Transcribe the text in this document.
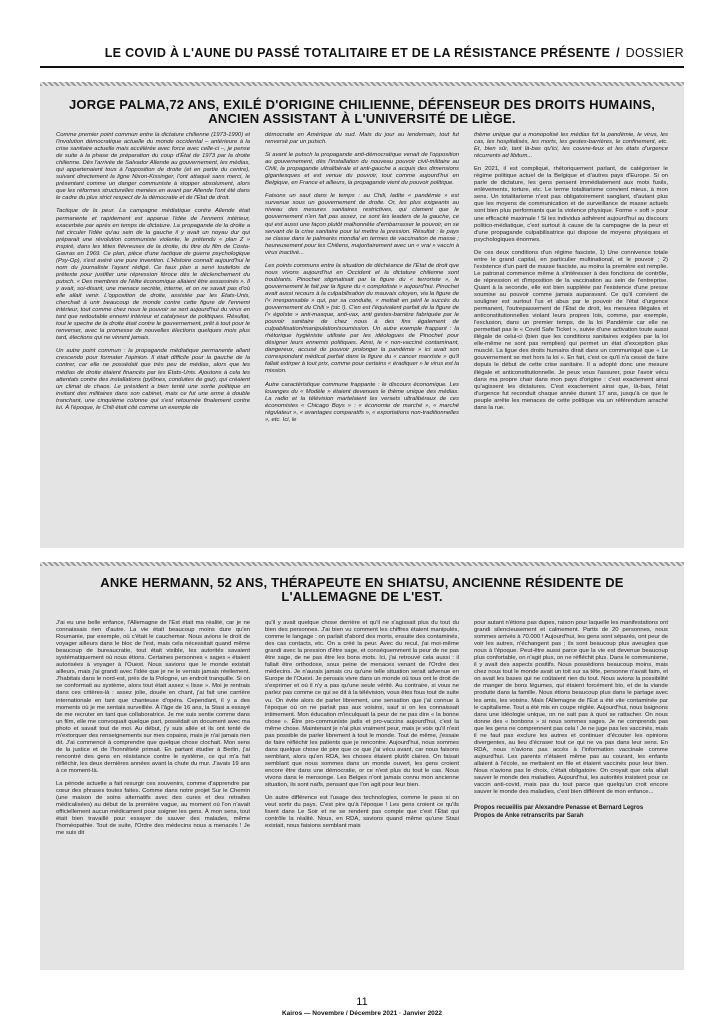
LE COVID À L'AUNE DU PASSÉ TOTALITAIRE ET DE LA RÉSISTANCE PRÉSENTE / DOSSIER
JORGE PALMA,72 ANS, EXILÉ D'ORIGINE CHILIENNE, DÉFENSEUR DES DROITS HUMAINS, ANCIEN ASSISTANT À L'UNIVERSITÉ DE LIÈGE.

Comme premier point commun entre la dictature chilienne (1973-1990) et l'involution démocratique actuelle du monde occidental – antérieure à la crise sanitaire actuelle mais accélérée avec force avec celle-ci –, je pense de suite à la phase de préparation du coup d'État de 1973 par la droite chilienne. Dès l'arrivée de Salvador Allende au gouvernement, les médias, qui appartenaient tous à l'opposition de droite (et en partie du centre), suivant directement la ligne Nixon-Kissinger, l'ont attaqué sans merci, le présentant comme un danger communiste à stopper absolument, alors que les réformes structurelles menées en avant par Allende l'ont été dans le cadre du plus strict respect de la démocratie et de l'État de droit.

Tactique de la peur. La campagne médiatique contre Allende était permanente et rapidement est apparue l'idée de l'ennemi intérieur, exacerbée par après en temps de dictature. La propagande de la droite a fait circuler l'idée qu'au sein de la gauche il y avait un noyau dur qui préparait une révolution communiste violente, le prétendu « plan Z » inspiré, dans les têtes fiévreuses de la droite, du titre du film de Costa-Gavras en 1969. Ce plan, pièce d'une tactique de guerre psychologique (Psy-Op), s'est avéré une pure invention. L'Histoire connaît aujourd'hui le nom du journaliste l'ayant rédigé. Ce faux plan a servi toutefois de prétexte pour justifier une répression féroce dès le déclenchement du putsch. « Des membres de l'élite économique allaient être assassinés ». Il y avait, soi-disant, une menace secrète, interne, et on ne savait pas d'où elle allait venir. L'opposition de droite, assistée par les États-Unis, cherchait à unir beaucoup de monde contre cette figure de l'ennemi intérieur, tout comme chez nous le pouvoir se sert aujourd'hui du virus en tant que redoutable ennemi intérieur et catalyseur de politiques. Résultat, tout le spectre de la droite était contre le gouvernement, prêt à tout pour le renverser, avec la promesse de nouvelles élections quelques mois plus tard, élections qui ne vinrent jamais.

Un autre point commun : la propagande médiatique permanente allant crescendo pour formater l'opinion. Il était difficile pour la gauche de la contrer, car elle ne possédait que très peu de médias, alors que les médias de droite étaient financés par les États-Unis. Ajoutons à cela les attentats contre des installations (pylônes, conduites de gaz), qui créaient un climat de chaos. Le président a bien tenté une sortie politique en invitant des militaires dans son cabinet, mais ce fut une arme à double tranchant, une cinquième colonne qui s'est retournée finalement contre lui. À l'époque, le Chili était cité comme un exemple de

démocratie en Amérique du sud. Mais du jour au lendemain, tout fut renversé par un putsch.

Si avant le putsch la propagande anti-démocratique venait de l'opposition au gouvernement, dès l'installation du nouveau pouvoir civil-militaire au Chili, la propagande ultralibérale et anti-gauche a acquis des dimensions gigantesques et est venue du pouvoir, tout comme aujourd'hui en Belgique, en France et ailleurs, la propagande vient du pouvoir politique.

Faisons un saut dans le temps : au Chili, ladite « pandémie » est survenue sous un gouvernement de droite. Or, les plus exigeants au niveau des mesures sanitaires restrictives, qui clament que le gouvernement n'en fait pas assez, ce sont les leaders de la gauche, ce qui est aussi une façon plutôt malhonnête d'embarrasser le pouvoir, en se servant de la crise sanitaire pour lui mettre la pression. Résultat : le pays se classe dans le palmarès mondial en termes de vaccination de masse ; heureusement pour les Chiliens, majoritairement avec un « vrai » vaccin à virus inactivé...

Les points communs entre la situation de déchéance de l'État de droit que nous vivons aujourd'hui en Occident et la dictature chilienne sont troublants. Pinochet stigmatisait par la figure du « terroriste », le gouvernement le fait par la figure du « complotiste » aujourd'hui. Pinochet avait aussi recours à la culpabilisation du mauvais citoyen, via la figure de l'« irresponsable » qui, par sa conduite, « mettait en péril le succès du gouvernement du Chili » (sic !). C'en est l'équivalent parfait de la figure de l'« égoïste » anti-masque, anti-vax, anti gestes-barrière fabriquée par le pouvoir sanitaire de chez nous à des fins également de culpabilisation/manipulation/soumission. Un autre exemple frappant : la rhétorique hygiéniste utilisée par les idéologues de Pinochet pour désigner leurs ennemis politiques. Ainsi, le « non-vacciné contaminant, dangereux, accusé de pouvoir prolonger la pandémie » ici avait son correspondant médical parfait dans la figure du « cancer marxiste » qu'il fallait extirper à tout prix, comme pour certains « éradiquer » le virus est la mission.

Autre caractéristique commune frappante : le discours économique. Les louanges du « Modèle » étaient devenues le thème unique des médias. La radio et la télévision martelaient les versets ultralibéraux de ces économistes « Chicago Boys » : « économie de marché », « marché régulateur », « avantages comparatifs », « exportations non-traditionnelles », etc. Ici, le

thème unique qui a monopolisé les médias fut la pandémie, le virus, les cas, les hospitalisés, les morts, les gestes-barrières, le confinement, etc. Et, bien sûr, tant là-bas qu'ici, les couvre-feux et les états d'urgence récurrents ad libitum...

En 2021, il est compliqué, rhétoriquement parlant, de catégoriser le régime politique actuel de la Belgique et d'autres pays d'Europe. Si on parle de dictature, les gens pensent immédiatement aux mots fusils, enlèvements, torture, etc. Le terme totalitarisme convient mieux, à mon sens. Un totalitarisme n'est pas obligatoirement sanglant, d'autant plus que les moyens de communication et de surveillance de masse actuels sont bien plus performants que la violence physique. Forme « soft » pour une efficacité maximale ! Si les individus adhèrent aujourd'hui au discours politico-médiatique, c'est surtout à cause de la campagne de la peur et d'une propagande culpabilisatrice qui dispose de moyens physiques et psychologiques énormes.

De ces deux conditions d'un régime fasciste, 1) Une connivence totale entre le grand capital, en particulier multinational, et le pouvoir ; 2) l'existence d'un parti de masse fasciste, au moins la première est remplie. Le patronat commence même à s'intéresser à des fonctions de contrôle, de répression et d'imposition de la vaccination au sein de l'entreprise. Quant à la seconde, elle est bien suppléée par l'existence d'une presse soumise au pouvoir comme jamais auparavant. Ce qu'il convient de souligner est surtout l'us et abus par le pouvoir de l'état d'urgence permanent, l'outrepassement de l'État de droit, les mesures illégales et anticonstitutionnelles violant leurs propres lois, comme, par exemple, l'exclusion, dans un premier temps, de la loi Pandémie car elle ne permettait pas le « Covid Safe Ticket », suivie d'une activation toute aussi illégale de celui-ci (bien que les conditions sanitaires exigées par la loi elle-même ne sont pas remplies) qui permet un état d'exception plus musclé. La ligue des droits humains dirait dans un communiqué que « Le gouvernement se met hors la loi ». En fait, c'est ce qu'il n'a cessé de faire depuis le début de cette crise sanitaire. Il a adopté donc une mesure illégale et anticonstitutionnelle. Je peux vous l'assurer, pour l'avoir vécu dans ma propre chair dans mon pays d'origine : c'est exactement ainsi qu'agissent les dictatures. C'est exactement ainsi que, là-bas, l'état d'urgence fut reconduit chaque année durant 17 ans, jusqu'à ce que le peuple arrête les menaces de cette politique via un référendum arraché dans la rue.

ANKE HERMANN, 52 ANS, THÉRAPEUTE EN SHIATSU, ANCIENNE RÉSIDENTE DE L'ALLEMAGNE DE L'EST.

J'ai eu une belle enfance, l'Allemagne de l'Est était ma réalité, car je ne connaissais rien d'autre. La vie était beaucoup moins dure qu'en Roumanie, par exemple, où c'était le cauchemar. Nous avions le droit de voyager ailleurs dans le bloc de l'est, mais cela nécessitait quand même beaucoup de bureaucratie, tout était visible, les autorités savaient systématiquement où nous étions. Certaines personnes « sages » étaient autorisées à voyager à l'Ouest. Nous savions que le monde existait ailleurs, mais j'ai grandi avec l'idée que je ne le verrais jamais réellement. J'habitais dans le nord-est, près de la Pologne, un endroit tranquille. Si on se conformait au système, alors tout était assez « lisse ». Moi je rentrais dans ces critères-là : assez jolie, douée en chant, j'ai fait une carrière internationale en tant que chanteuse d'opéra. Cependant, il y a des moments où je me sentais surveillée. À l'âge de 16 ans, la Stasi a essayé de me recruter en tant que collaboratrice. Je me suis sentie comme dans un film, elle me convoquait quelque part, possédait un document avec ma photo et savait tout de moi. Au début, j'y suis allée et ils ont tenté de m'extorquer des renseignements sur mes copains, mais je n'ai jamais rien dit. J'ai commencé à comprendre que quelque chose clochait. Mon sens de la justice et de l'honnêteté primait. En partant étudier à Berlin, j'ai rencontré des gens en résistance contre le système, ce qui m'a fait réfléchir, les deux dernières années avant la chute du mur. J'avais 19 ans à ce moment-là.

La période actuelle a fait resurgir ces souvenirs, comme d'apprendre par cœur des phrases toutes faites. Comme dans notre projet Sur le Chemin (une maison de soins alternatifs avec des cures et des retraites médicalisées) au début de la première vague, au moment où l'on n'avait officiellement aucun médicament pour soigner les gens. À mon sens, tout était bien travaillé pour essayer de sauver des malades, même l'homéopathie. Tout de suite, l'Ordre des médecins nous a menacés ! Je me suis dit

qu'il y avait quelque chose derrière et qu'il ne s'agissait plus du tout du bien des personnes. J'ai bien vu comment les chiffres étaient manipulés, comme le langage : on parlait d'abord des morts, ensuite des contaminés, des cas contacts, etc. On a créé la peur. Avec du recul, j'ai moi-même grandi avec la pression d'être sage, et conséquemment la peur de ne pas être sage, de ne pas être les bons mots. Ici, j'ai retrouvé cela aussi : il fallait être orthodoxe, sous peine de menaces venant de l'Ordre des médecins. Je n'aurais jamais cru qu'une telle situation serait advenue en Europe de l'Ouest. Je pensais vivre dans un monde où tous ont le droit de s'exprimer et où il n'y a pas qu'une seule vérité. Au contraire, si vous ne parlez pas comme ce qui se dit à la télévision, vous êtes fous tout de suite vu. On évite alors de parler librement, une sensation que j'ai connue à l'époque où on ne parlait pas aux voisins, sauf si on les connaissait intimement. Mon éducation m'inculquait la peur de ne pas dire « la bonne chose ». Être pro-communiste jadis et pro-vaccins aujourd'hui, c'est la même chose. Maintenant je n'ai plus vraiment peur, mais je vois qu'il n'est pas possible de parler librement à tout le monde. Tout de même, j'essaie de faire réfléchir les patients que je rencontre. Aujourd'hui, nous sommes dans quelque chose de pire que ce que j'ai vécu avant, car nous faisons semblant, alors qu'en RDA, les choses étaient plutôt claires. On faisait semblant que nous sommes dans un monde ouvert, les gens croient encore être dans une démocratie, or ce n'est plus du tout le cas. Nous vivons dans le mensonge. Les Belges n'ont jamais connu mon ancienne situation, ils sont naïfs, pensant que l'on agit pour leur bien.

Un autre différence est l'usage des technologies, comme le pass si on veut sortir du pays. C'est pire qu'à l'époque ! Les gens croient ce qu'ils lisent dans Le Soir et ne se rendent pas compte que c'est l'État qui contrôle la réalité. Nous, en RDA, savions quand même qu'une Stasi existait, nous faisions semblant mais

pour autant n'étions pas dupes, raison pour laquelle les manifestations ont grandi silencieusement et calmement. Partis de 20 personnes, nous sommes arrivés à 70.000 ! Aujourd'hui, les gens sont séparés, ont peur de voir les autres, n'échangent pas ; ils sont beaucoup plus aveugles que nous à l'époque. Peut-être aussi parce que la vie est devenue beaucoup plus confortable, on n'agit plus, on ne réfléchit plus. Dans le communisme, il y avait des aspects positifs. Nous possédions beaucoup moins, mais chez nous tout le monde avait un toit sur sa tête, personne n'avait faim, et on avait les bases qui ne coûtaient rien du tout. Nous avions la possibilité de manger de bons légumes, qui étaient forcément bio, et de la viande produite dans la famille. Nous étions beaucoup plus dans le partage avec les amis, les voisins. Mais l'Allemagne de l'Est a été vite contaminée par le capitalisme. Tout a été mis en coupe réglée. Aujourd'hui, nous baignons dans une idéologie unique, on ne sait pas à quoi se rattacher. On nous donne des « bonbons » si nous sommes sages. Je ne comprends pas que les gens ne comprennent pas cela ! Je ne juge pas les vaccinés, mais il ne faut pas exclure les autres et continuer d'écouter les opinions divergentes, au lieu d'écraser tout ce qui ne va pas dans leur sens. En RDA, nous n'avions pas accès à l'information vaccinale comme aujourd'hui. Les parents n'étaient même pas au courant, les enfants allaient à l'école, se mettaient en file et étaient vaccinés pour leur bien. Nous n'avions pas le choix, c'était obligatoire. On croyait que cela allait sauver le monde des maladies. Aujourd'hui, les autorités insistent pour ce vaccin anti-covid, mais pas du tout parce que quelqu'un croit encore sauver le monde des maladies, c'est bien différent de mon enfance...

Propos recueillis par Alexandre Penasse et Bernard Legros
Propos de Anke retranscrits par Sarah
11
Kairos — Novembre / Décembre 2021 · Janvier 2022
